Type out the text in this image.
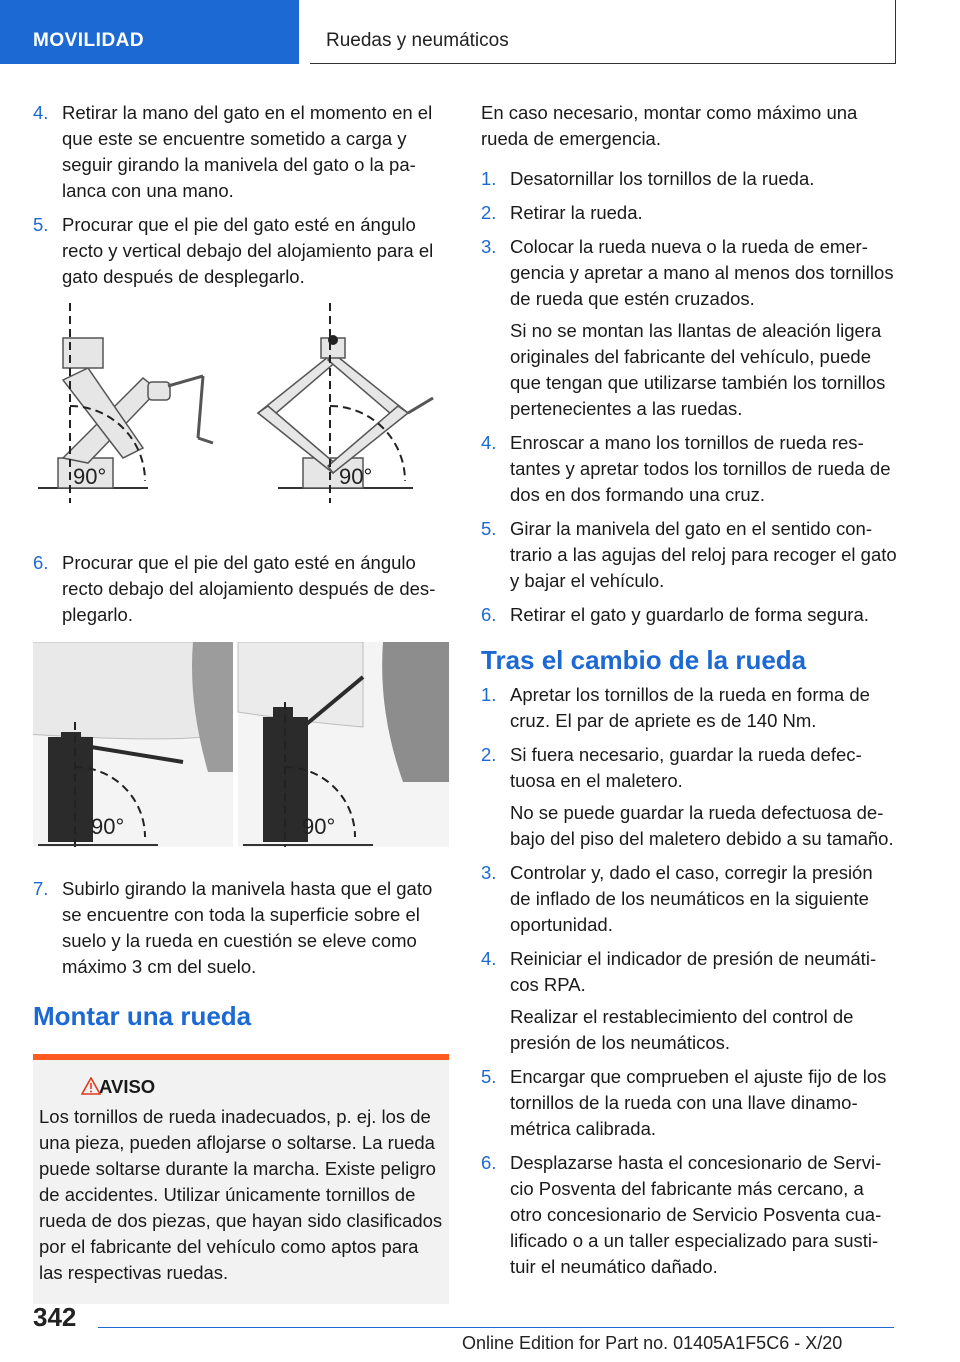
MOVILIDAD	Ruedas y neumáticos
4. Retirar la mano del gato en el momento en el que este se encuentre sometido a carga y seguir girando la manivela del gato o la palanca con una mano.
5. Procurar que el pie del gato esté en ángulo recto y vertical debajo del alojamiento para el gato después de desplegarlo.
90°	90°
6. Procurar que el pie del gato esté en ángulo recto debajo del alojamiento después de desplegarlo.
90°	90°
7. Subirlo girando la manivela hasta que el gato se encuentre con toda la superficie sobre el suelo y la rueda en cuestión se eleve como máximo 3 cm del suelo.
Montar una rueda
AVISO
Los tornillos de rueda inadecuados, p. ej. los de una pieza, pueden aflojarse o soltarse. La rueda puede soltarse durante la marcha. Existe peligro de accidentes. Utilizar únicamente tornillos de rueda de dos piezas, que hayan sido clasificados por el fabricante del vehículo como aptos para las respectivas ruedas.

En caso necesario, montar como máximo una rueda de emergencia.

1. Desatornillar los tornillos de la rueda.
2. Retirar la rueda.
3. Colocar la rueda nueva o la rueda de emergencia y apretar a mano al menos dos tornillos de rueda que estén cruzados.
Si no se montan las llantas de aleación ligera originales del fabricante del vehículo, puede que tengan que utilizarse también los tornillos pertenecientes a las ruedas.
4. Enroscar a mano los tornillos de rueda restantes y apretar todos los tornillos de rueda de dos en dos formando una cruz.
5. Girar la manivela del gato en el sentido contrario a las agujas del reloj para recoger el gato y bajar el vehículo.
6. Retirar el gato y guardarlo de forma segura.
Tras el cambio de la rueda
1. Apretar los tornillos de la rueda en forma de cruz. El par de apriete es de 140 Nm.
2. Si fuera necesario, guardar la rueda defectuosa en el maletero.
No se puede guardar la rueda defectuosa debajo del piso del maletero debido a su tamaño.
3. Controlar y, dado el caso, corregir la presión de inflado de los neumáticos en la siguiente oportunidad.
4. Reiniciar el indicador de presión de neumáticos RPA.
Realizar el restablecimiento del control de presión de los neumáticos.
5. Encargar que comprueben el ajuste fijo de los tornillos de la rueda con una llave dinamométrica calibrada.
6. Desplazarse hasta el concesionario de Servicio Posventa del fabricante más cercano, a otro concesionario de Servicio Posventa cualificado o a un taller especializado para sustituir el neumático dañado.
342
Online Edition for Part no. 01405A1F5C6 - X/20
